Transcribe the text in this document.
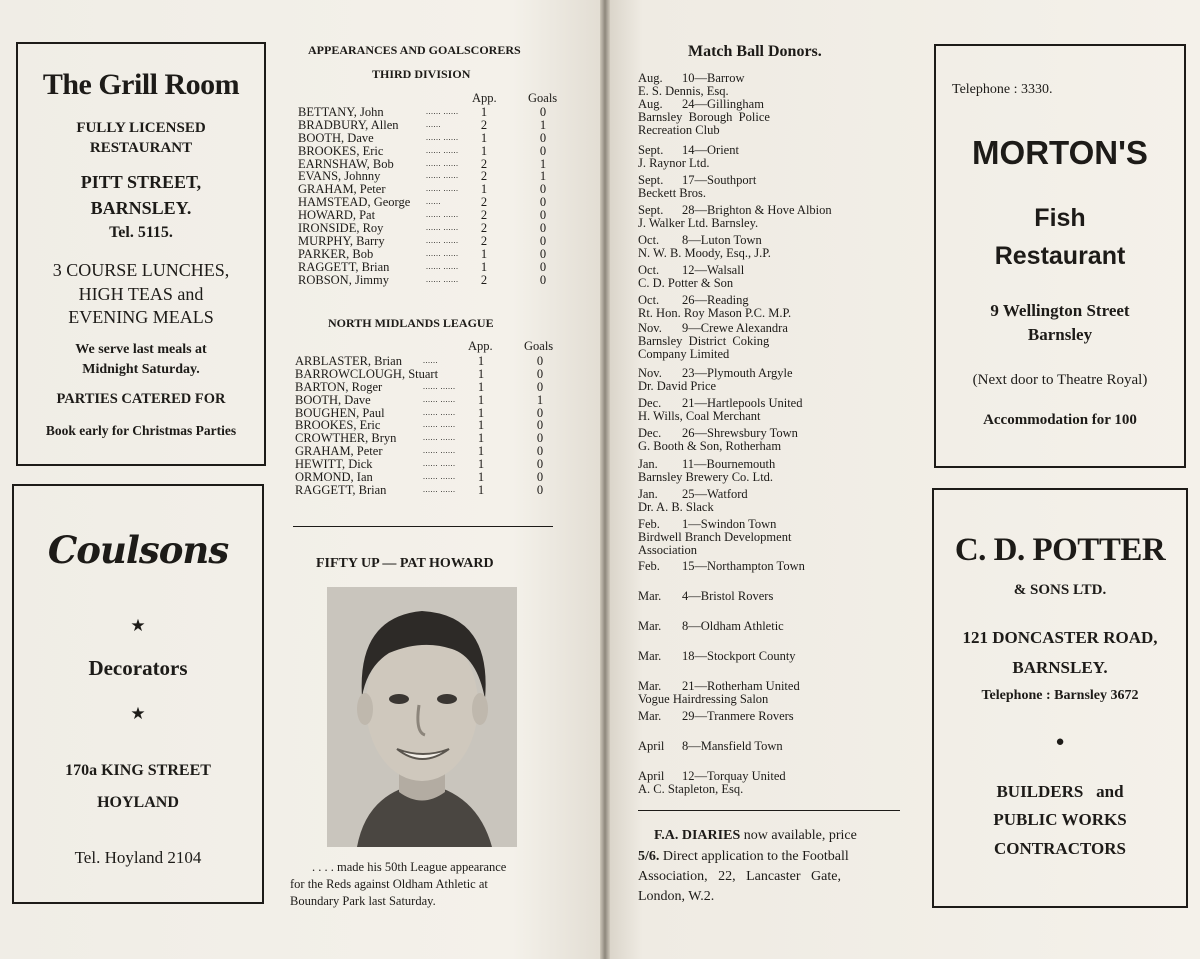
The Grill Room
FULLY LICENSED
RESTAURANT
PITT STREET,
BARNSLEY.
Tel. 5115.
3 COURSE LUNCHES,
HIGH TEAS and
EVENING MEALS
We serve last meals at
Midnight Saturday.
PARTIES CATERED FOR
Book early for Christmas Parties
Coulsons
★
Decorators
★
170a KING STREET
HOYLAND
Tel. Hoyland 2104
APPEARANCES AND GOALSCORERS
THIRD DIVISION
App.	Goals
BETTANY, John	...... ......	1	0
BRADBURY, Allen	......	2	1
BOOTH, Dave	...... ......	1	0
BROOKES, Eric	...... ......	1	0
EARNSHAW, Bob	...... ......	2	1
EVANS, Johnny	...... ......	2	1
GRAHAM, Peter	...... ......	1	0
HAMSTEAD, George ......	2	0
HOWARD, Pat	...... ......	2	0
IRONSIDE, Roy	...... ......	2	0
MURPHY, Barry	...... ......	2	0
PARKER, Bob	...... ......	1	0
RAGGETT, Brian	...... ......	1	0
ROBSON, Jimmy	...... ......	2	0
NORTH MIDLANDS LEAGUE
App.	Goals
ARBLASTER, Brian	......	1	0
BARROWCLOUGH, Stuart	1	0
BARTON, Roger	...... ......	1	0
BOOTH, Dave	...... ......	1	1
BOUGHEN, Paul	...... ......	1	0
BROOKES, Eric	...... ......	1	0
CROWTHER, Bryn	...... ......	1	0
GRAHAM, Peter	...... ......	1	0
HEWITT, Dick	...... ......	1	0
ORMOND, Ian	...... ......	1	0
RAGGETT, Brian	...... ......	1	0
FIFTY UP — PAT HOWARD
. . . . made his 50th League appearance
for the Reds against Oldham Athletic at
Boundary Park last Saturday.
Match Ball Donors.
Aug. 10—Barrow
E. S. Dennis, Esq.
Aug. 24—Gillingham
Barnsley  Borough  Police
Recreation Club
Sept. 14—Orient
J. Raynor Ltd.
Sept. 17—Southport
Beckett Bros.
Sept. 28—Brighton & Hove Albion
J. Walker Ltd. Barnsley.
Oct. 8—Luton Town
N. W. B. Moody, Esq., J.P.
Oct. 12—Walsall
C. D. Potter & Son
Oct. 26—Reading
Rt. Hon. Roy Mason P.C. M.P.
Nov. 9—Crewe Alexandra
Barnsley  District  Coking
Company Limited
Nov. 23—Plymouth Argyle
Dr. David Price
Dec. 21—Hartlepools United
H. Wills, Coal Merchant
Dec. 26—Shrewsbury Town
G. Booth & Son, Rotherham
Jan. 11—Bournemouth
Barnsley Brewery Co. Ltd.
Jan. 25—Watford
Dr. A. B. Slack
Feb. 1—Swindon Town
Birdwell Branch Development
Association
Feb. 15—Northampton Town
Mar. 4—Bristol Rovers
Mar. 8—Oldham Athletic
Mar. 18—Stockport County
Mar. 21—Rotherham United
Vogue Hairdressing Salon
Mar. 29—Tranmere Rovers
April 8—Mansfield Town
April 12—Torquay United
A. C. Stapleton, Esq.
F.A. DIARIES now available, price
5/6. Direct application to the Football
Association,   22,   Lancaster   Gate,
London, W.2.
Telephone : 3330.
MORTON'S
Fish
Restaurant
9 Wellington Street
Barnsley
(Next door to Theatre Royal)
Accommodation for 100
C. D. POTTER
& SONS LTD.
121 DONCASTER ROAD,
BARNSLEY.
Telephone : Barnsley 3672
●
BUILDERS   and
PUBLIC WORKS
CONTRACTORS
